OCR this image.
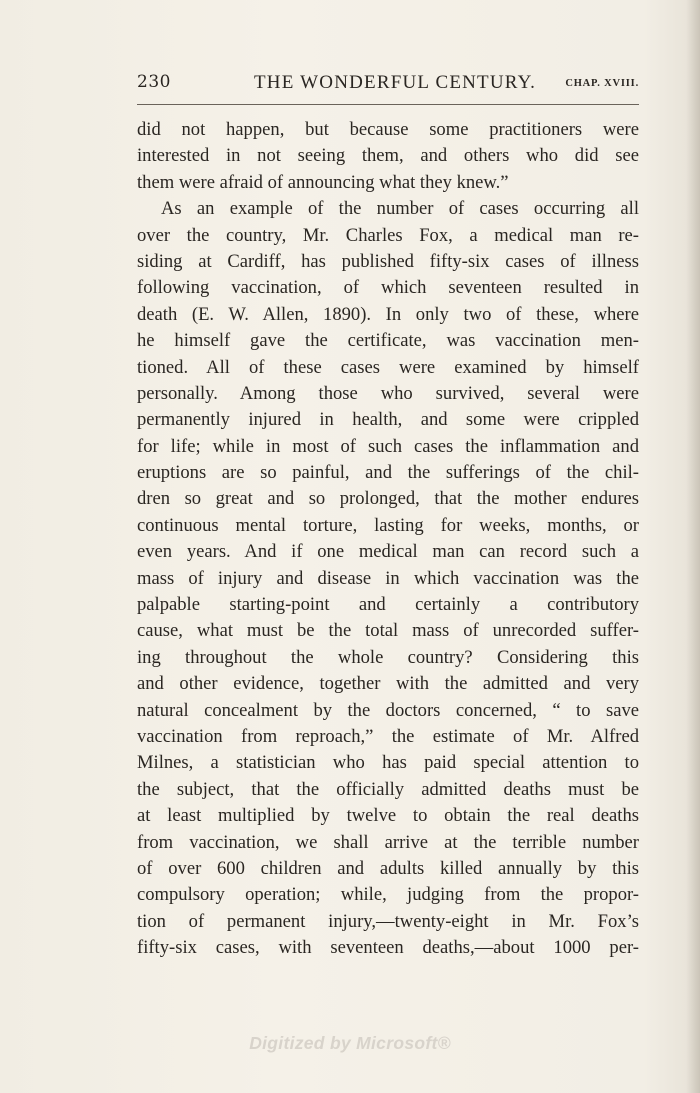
230	THE WONDERFUL CENTURY.	CHAP. XVIII.
did not happen, but because some practitioners were
interested in not seeing them, and others who did see
them were afraid of announcing what they knew.”
As an example of the number of cases occurring all
over the country, Mr. Charles Fox, a medical man re-
siding at Cardiff, has published fifty-six cases of illness
following vaccination, of which seventeen resulted in
death (E. W. Allen, 1890). In only two of these, where
he himself gave the certificate, was vaccination men-
tioned. All of these cases were examined by himself
personally. Among those who survived, several were
permanently injured in health, and some were crippled
for life; while in most of such cases the inflammation and
eruptions are so painful, and the sufferings of the chil-
dren so great and so prolonged, that the mother endures
continuous mental torture, lasting for weeks, months, or
even years. And if one medical man can record such a
mass of injury and disease in which vaccination was the
palpable starting-point and certainly a contributory
cause, what must be the total mass of unrecorded suffer-
ing throughout the whole country? Considering this
and other evidence, together with the admitted and very
natural concealment by the doctors concerned, “ to save
vaccination from reproach,” the estimate of Mr. Alfred
Milnes, a statistician who has paid special attention to
the subject, that the officially admitted deaths must be
at least multiplied by twelve to obtain the real deaths
from vaccination, we shall arrive at the terrible number
of over 600 children and adults killed annually by this
compulsory operation; while, judging from the propor-
tion of permanent injury,—twenty-eight in Mr. Fox’s
fifty-six cases, with seventeen deaths,—about 1000 per-
Digitized by Microsoft®
